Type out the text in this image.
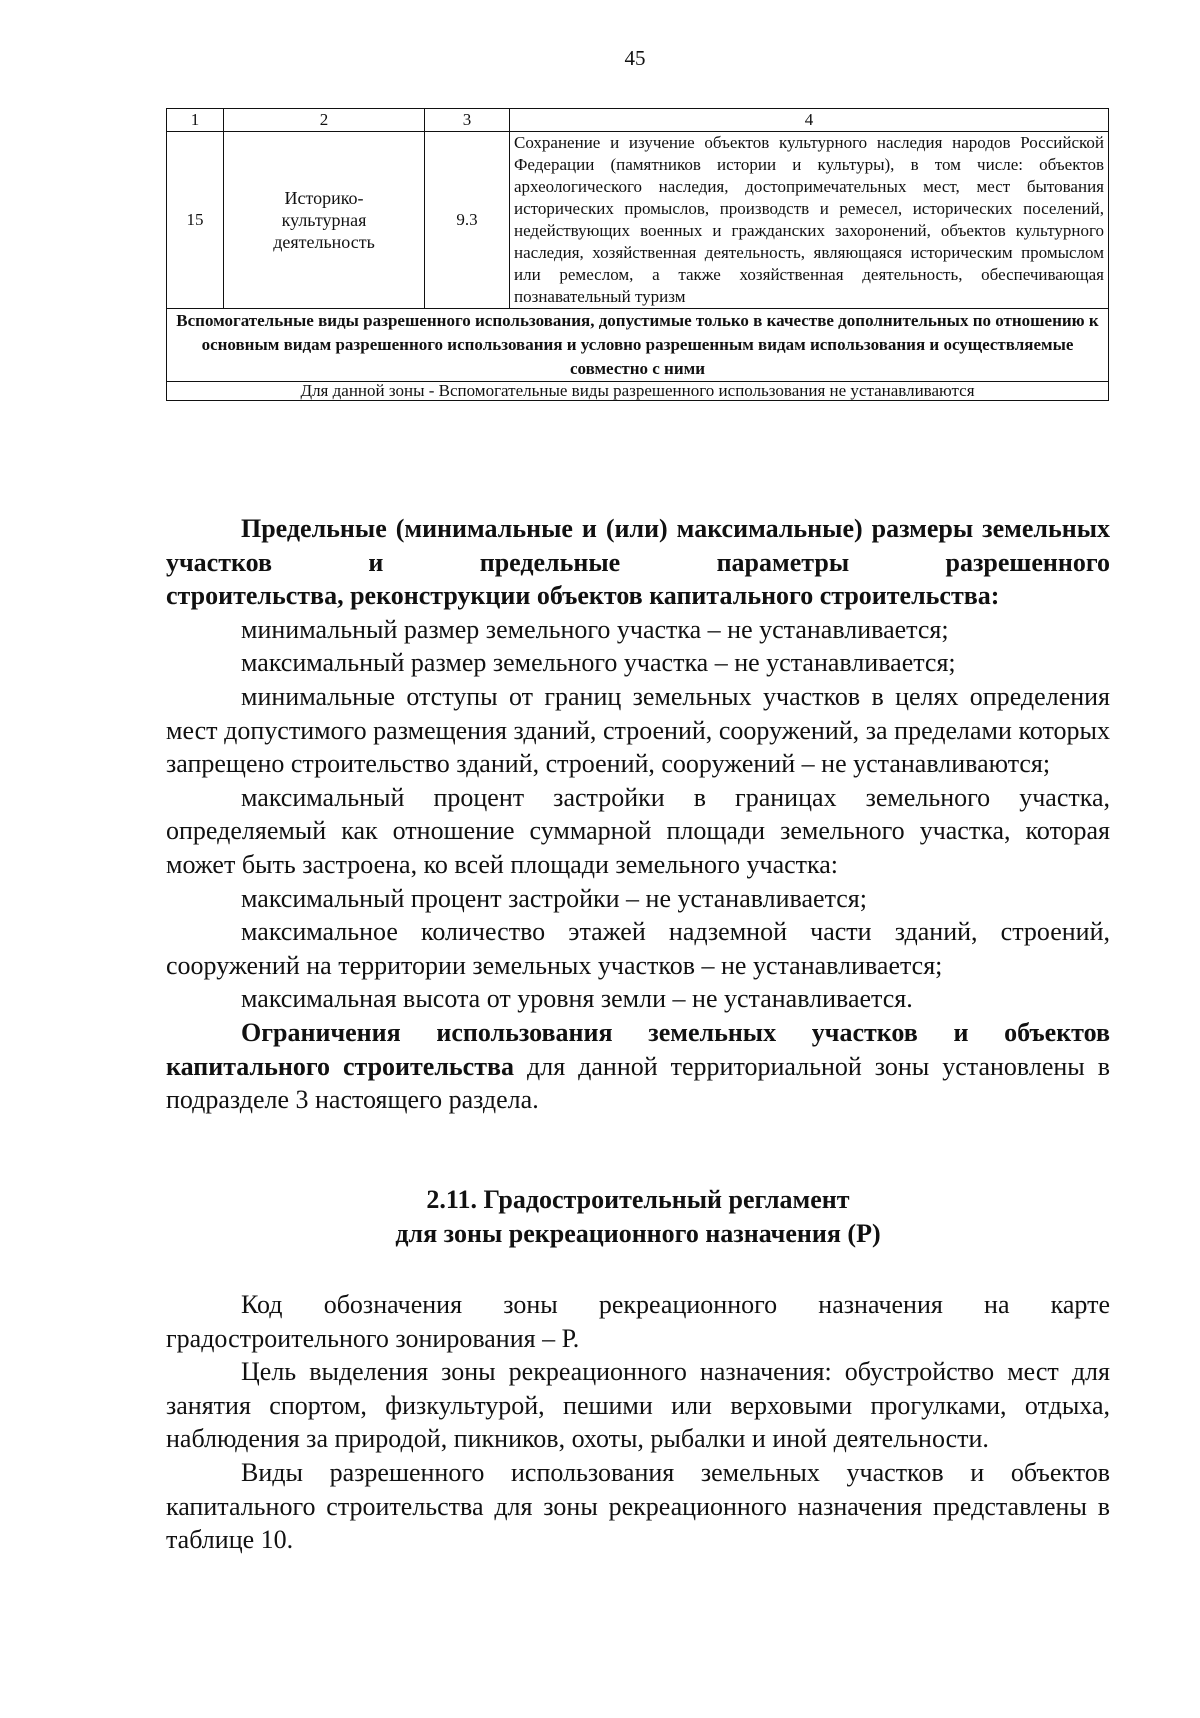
45
1	2	3	4
15	Историко-культурная деятельность	9.3	Сохранение и изучение объектов культурного наследия народов Российской Федерации (памятников истории и культуры), в том числе: объектов археологического наследия, достопримечательных мест, мест бытования исторических промыслов, производств и ремесел, исторических поселений, недействующих военных и гражданских захоронений, объектов культурного наследия, хозяйственная деятельность, являющаяся историческим промыслом или ремеслом, а также хозяйственная деятельность, обеспечивающая познавательный туризм
Вспомогательные виды разрешенного использования, допустимые только в качестве дополнительных по отношению к основным видам разрешенного использования и условно разрешенным видам использования и осуществляемые совместно с ними			
Для данной зоны - Вспомогательные виды разрешенного использования не устанавливаются			

Предельные (минимальные и (или) максимальные) размеры земельных участков и предельные параметры разрешенного

строительства, реконструкции объектов капитального строительства:

минимальный размер земельного участка – не устанавливается;

максимальный размер земельного участка – не устанавливается;

минимальные отступы от границ земельных участков в целях определения мест допустимого размещения зданий, строений, сооружений, за пределами которых запрещено строительство зданий, строений, сооружений – не устанавливаются;

максимальный процент застройки в границах земельного участка, определяемый как отношение суммарной площади земельного участка, которая может быть застроена, ко всей площади земельного участка:

максимальный процент застройки – не устанавливается;

максимальное количество этажей надземной части зданий, строений, сооружений на территории земельных участков – не устанавливается;

максимальная высота от уровня земли – не устанавливается.

Ограничения использования земельных участков и объектов капитального строительства для данной территориальной зоны установлены в подразделе 3 настоящего раздела.

2.11. Градостроительный регламент
для зоны рекреационного назначения (Р)

Код обозначения зоны рекреационного назначения на карте градостроительного зонирования – Р.

Цель выделения зоны рекреационного назначения: обустройство мест для занятия спортом, физкультурой, пешими или верховыми прогулками, отдыха, наблюдения за природой, пикников, охоты, рыбалки и иной деятельности.

Виды разрешенного использования земельных участков и объектов капитального строительства для зоны рекреационного назначения представлены в таблице 10.
